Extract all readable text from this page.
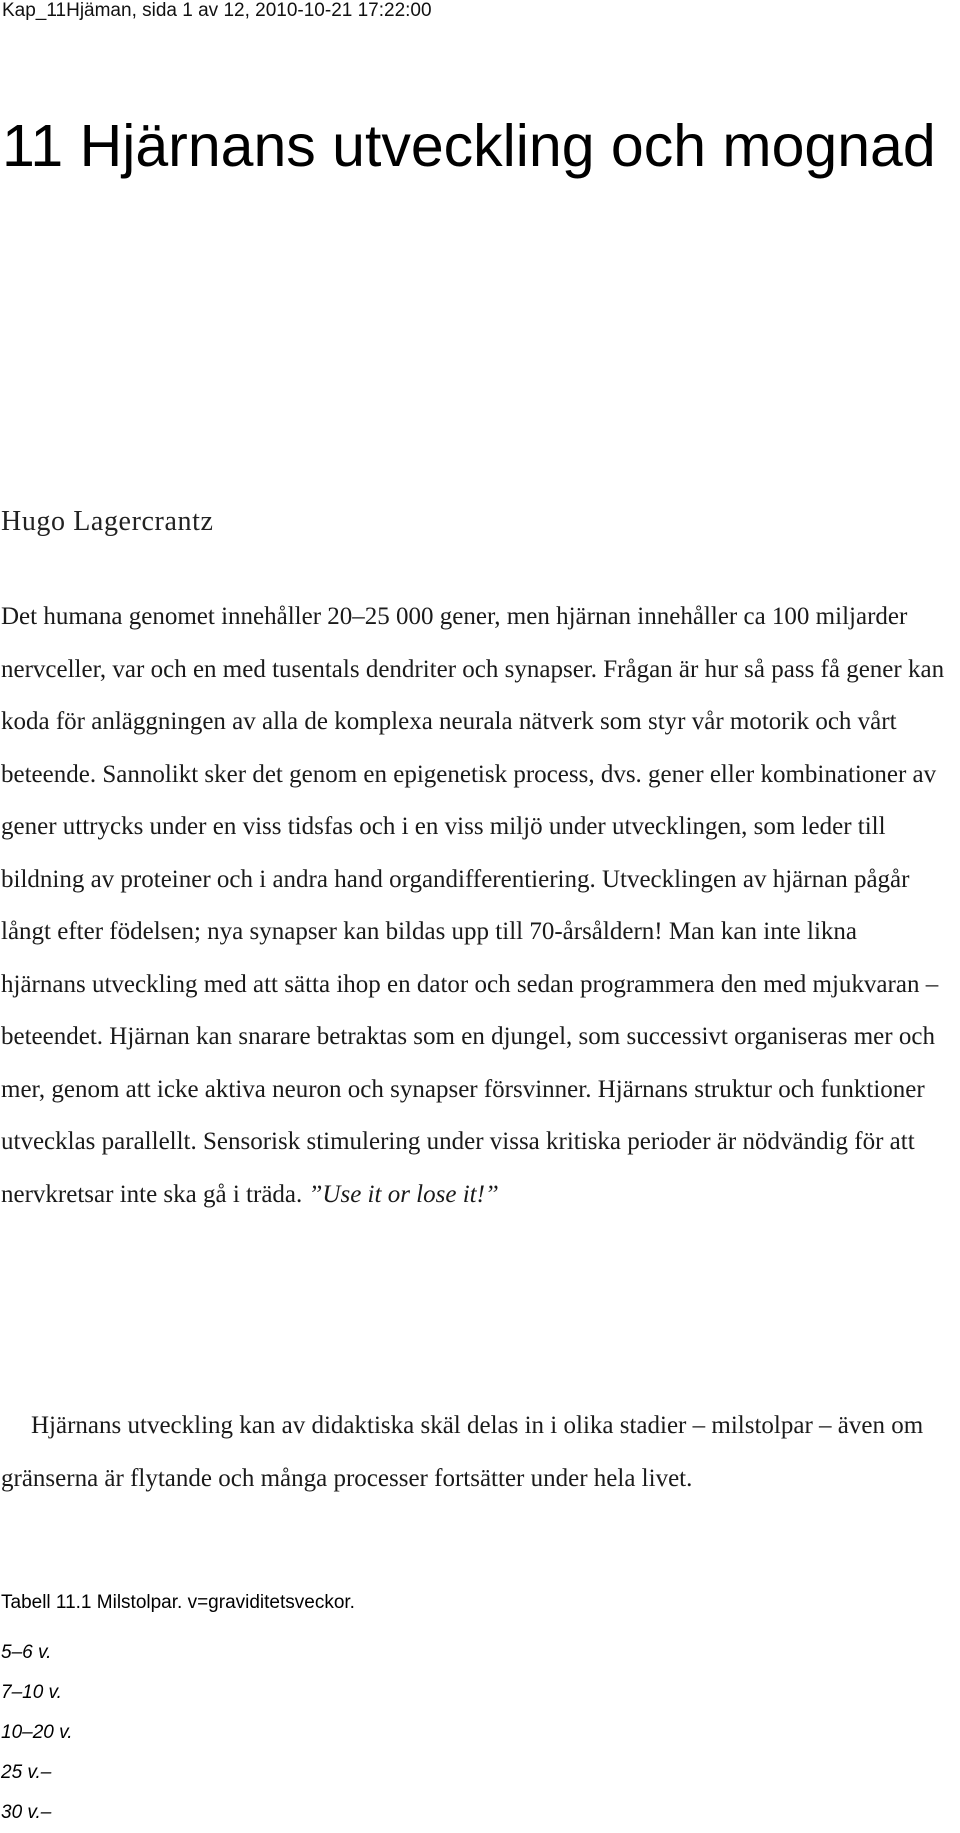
Kap_11Hjäman, sida 1 av 12, 2010-10-21 17:22:00
11 Hjärnans utveckling och mognad
Hugo Lagercrantz

Det humana genomet innehåller 20–25 000 gener, men hjärnan innehåller ca 100 miljarder nervceller, var och en med tusentals dendriter och synapser. Frågan är hur så pass få gener kan koda för anläggningen av alla de komplexa neurala nätverk som styr vår motorik och vårt beteende. Sannolikt sker det genom en epigenetisk process, dvs. gener eller kombinationer av gener uttrycks under en viss tidsfas och i en viss miljö under utvecklingen, som leder till bildning av proteiner och i andra hand organdifferentiering. Utvecklingen av hjärnan pågår långt efter födelsen; nya synapser kan bildas upp till 70-årsåldern! Man kan inte likna hjärnans utveckling med att sätta ihop en dator och sedan programmera den med mjukvaran – beteendet. Hjärnan kan snarare betraktas som en djungel, som successivt organiseras mer och mer, genom att icke aktiva neuron och synapser försvinner. Hjärnans struktur och funktioner utvecklas parallellt. Sensorisk stimulering under vissa kritiska perioder är nödvändig för att nervkretsar inte ska gå i träda. ”Use it or lose it!”

Hjärnans utveckling kan av didaktiska skäl delas in i olika stadier – milstolpar – även om gränserna är flytande och många processer fortsätter under hela livet.

Tabell 11.1 Milstolpar. v=graviditetsveckor.
5–6 v.
7–10 v.
10–20 v.
25 v.–
30 v.–
